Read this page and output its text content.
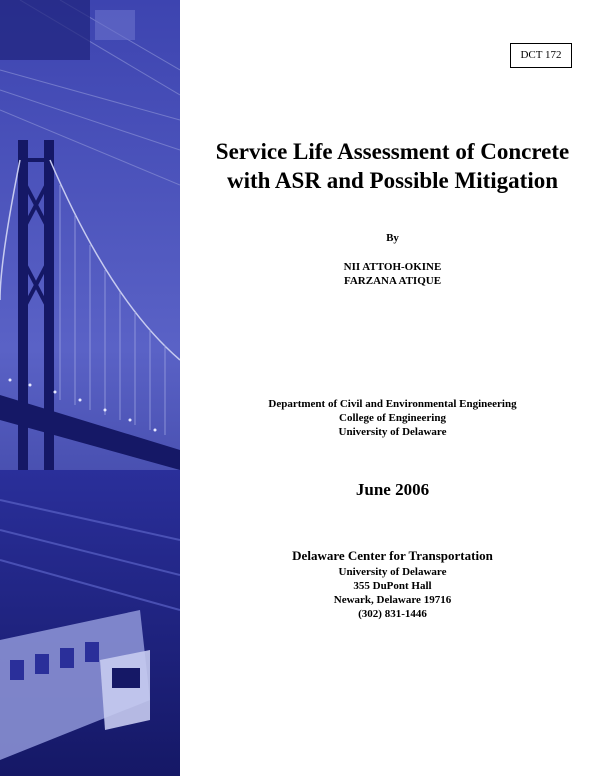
DCT 172
Service Life Assessment of Concrete
with ASR and Possible Mitigation
By
NII ATTOH-OKINE
FARZANA ATIQUE
Department of Civil and Environmental Engineering
College of Engineering
University of Delaware
June 2006
Delaware Center for Transportation
University of Delaware
355 DuPont Hall
Newark, Delaware 19716
(302) 831-1446
